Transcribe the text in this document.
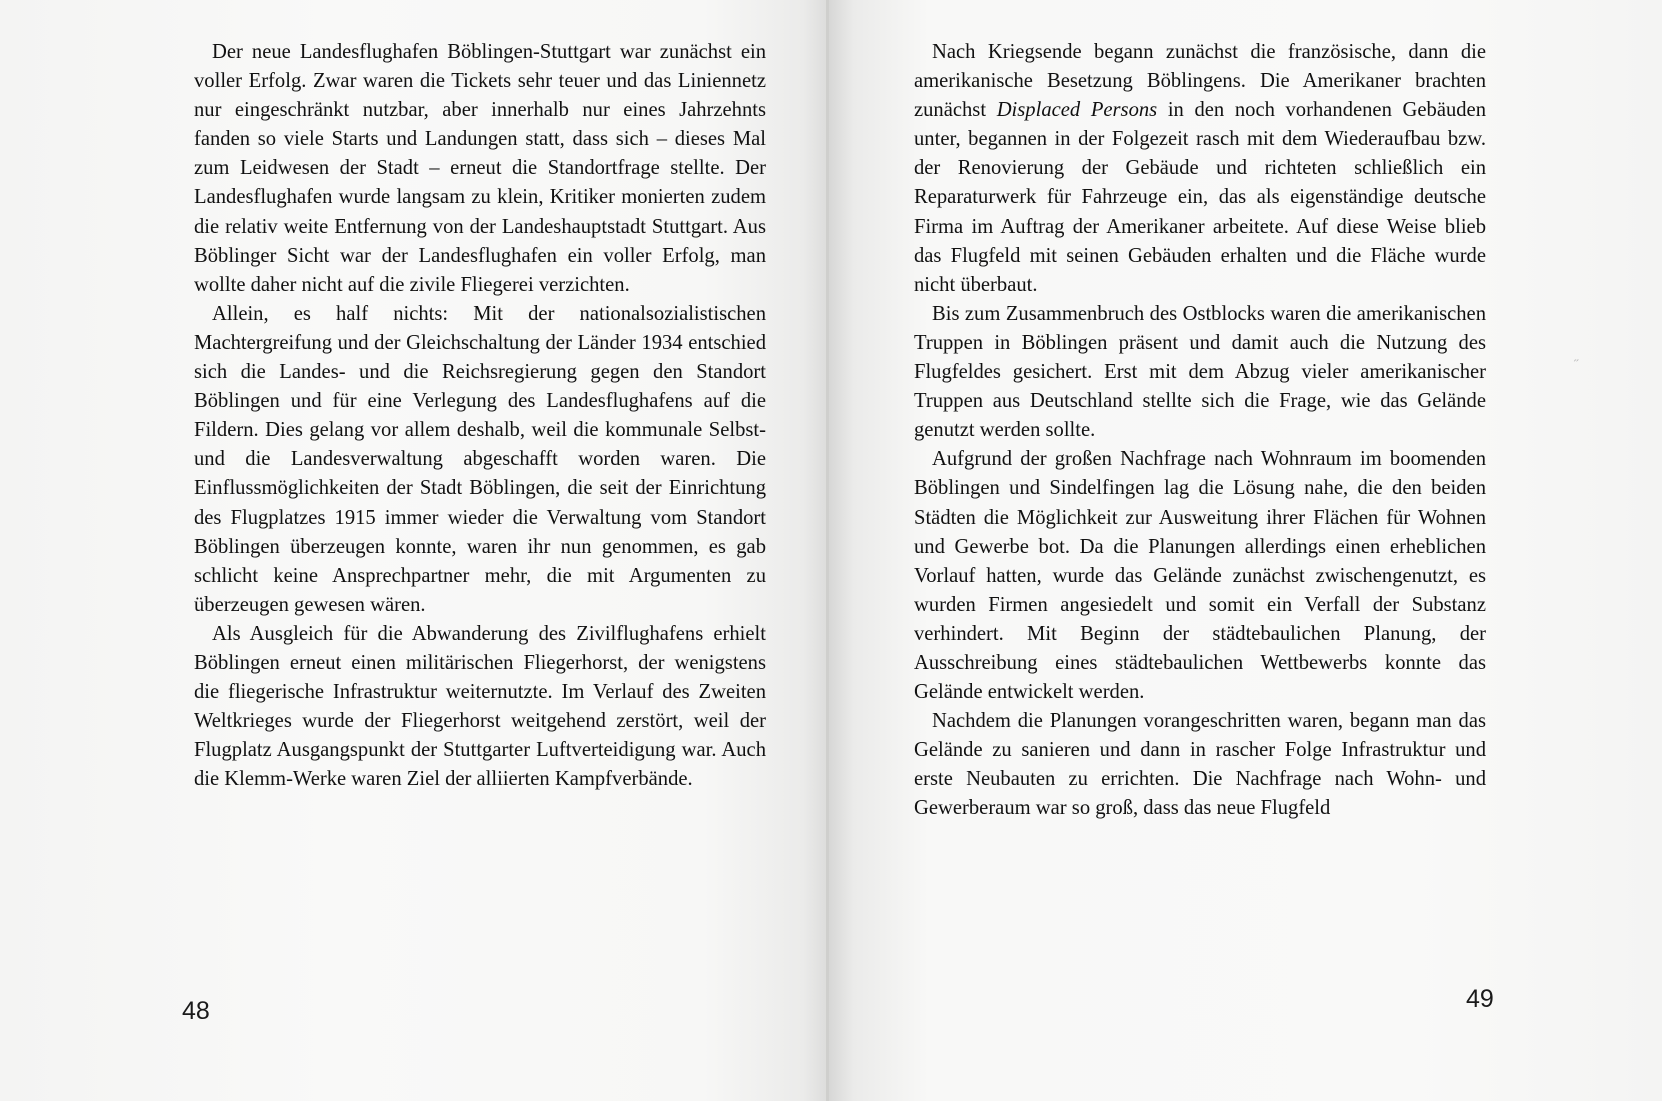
Der neue Landesflughafen Böblingen-Stuttgart war zunächst ein voller Erfolg. Zwar waren die Tickets sehr teuer und das Liniennetz nur eingeschränkt nutzbar, aber innerhalb nur eines Jahrzehnts fanden so viele Starts und Landungen statt, dass sich – dieses Mal zum Leidwesen der Stadt – erneut die Standortfrage stellte. Der Landesflughafen wurde langsam zu klein, Kritiker monierten zudem die relativ weite Entfernung von der Landeshauptstadt Stuttgart. Aus Böblinger Sicht war der Landesflughafen ein voller Erfolg, man wollte daher nicht auf die zivile Fliegerei verzichten.

Allein, es half nichts: Mit der nationalsozialistischen Machtergreifung und der Gleichschaltung der Länder 1934 entschied sich die Landes- und die Reichsregierung gegen den Standort Böblingen und für eine Verlegung des Landesflughafens auf die Fildern. Dies gelang vor allem deshalb, weil die kommunale Selbst- und die Landesverwaltung abgeschafft worden waren. Die Einflussmöglichkeiten der Stadt Böblingen, die seit der Einrichtung des Flugplatzes 1915 immer wieder die Verwaltung vom Standort Böblingen überzeugen konnte, waren ihr nun genommen, es gab schlicht keine Ansprechpartner mehr, die mit Argumenten zu überzeugen gewesen wären.

Als Ausgleich für die Abwanderung des Zivilflughafens erhielt Böblingen erneut einen militärischen Fliegerhorst, der wenigstens die fliegerische Infrastruktur weiternutzte. Im Verlauf des Zweiten Weltkrieges wurde der Fliegerhorst weitgehend zerstört, weil der Flugplatz Ausgangspunkt der Stuttgarter Luftverteidigung war. Auch die Klemm-Werke waren Ziel der alliierten Kampfverbände.

48

Nach Kriegsende begann zunächst die französische, dann die amerikanische Besetzung Böblingens. Die Amerikaner brachten zunächst Displaced Persons in den noch vorhandenen Gebäuden unter, begannen in der Folgezeit rasch mit dem Wiederaufbau bzw. der Renovierung der Gebäude und richteten schließlich ein Reparaturwerk für Fahrzeuge ein, das als eigenständige deutsche Firma im Auftrag der Amerikaner arbeitete. Auf diese Weise blieb das Flugfeld mit seinen Gebäuden erhalten und die Fläche wurde nicht überbaut.

Bis zum Zusammenbruch des Ostblocks waren die amerikanischen Truppen in Böblingen präsent und damit auch die Nutzung des Flugfeldes gesichert. Erst mit dem Abzug vieler amerikanischer Truppen aus Deutschland stellte sich die Frage, wie das Gelände genutzt werden sollte.

Aufgrund der großen Nachfrage nach Wohnraum im boomenden Böblingen und Sindelfingen lag die Lösung nahe, die den beiden Städten die Möglichkeit zur Ausweitung ihrer Flächen für Wohnen und Gewerbe bot. Da die Planungen allerdings einen erheblichen Vorlauf hatten, wurde das Gelände zunächst zwischengenutzt, es wurden Firmen angesiedelt und somit ein Verfall der Substanz verhindert. Mit Beginn der städtebaulichen Planung, der Ausschreibung eines städtebaulichen Wettbewerbs konnte das Gelände entwickelt werden.

Nachdem die Planungen vorangeschritten waren, begann man das Gelände zu sanieren und dann in rascher Folge Infrastruktur und erste Neubauten zu errichten. Die Nachfrage nach Wohn- und Gewerberaum war so groß, dass das neue Flugfeld

˶

49
